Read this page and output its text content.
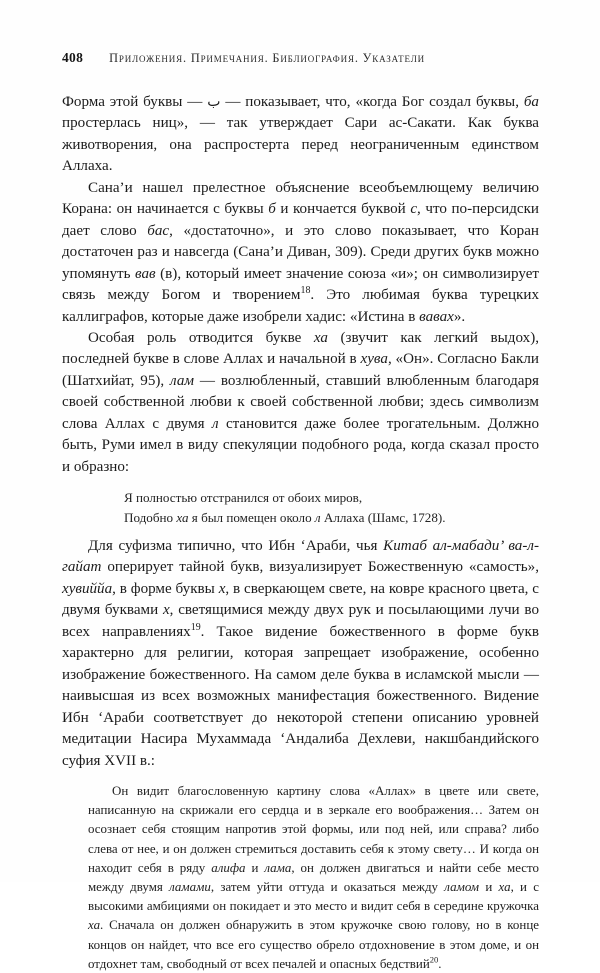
408 Приложения. Примечания. Библиография. Указатели

Форма этой буквы — ب — показывает, что, «когда Бог создал буквы, ба простерлась ниц», — так утверждает Сари ас-Сакати. Как буква животворения, она распростерта перед неограниченным единством Аллаха.

Сана’и нашел прелестное объяснение всеобъемлющему величию Корана: он начинается с буквы б и кончается буквой с, что по-персидски дает слово бас, «достаточно», и это слово показывает, что Коран достаточен раз и навсегда (Сана’и Диван, 309). Среди других букв можно упомянуть вав (в), который имеет значение союза «и»; он символизирует связь между Богом и творением$^{18}$. Это любимая буква турецких каллиграфов, которые даже изобрели хадис: «Истина в вавах».

Особая роль отводится букве ха (звучит как легкий выдох), последней букве в слове Аллах и начальной в хува, «Он». Согласно Бакли (Шатхийат, 95), лам — возлюбленный, ставший влюбленным благодаря своей собственной любви к своей собственной любви; здесь символизм слова Аллах с двумя л становится даже более трогательным. Должно быть, Руми имел в виду спекуляции подобного рода, когда сказал просто и образно:

Я полностью отстранился от обоих миров,
Подобно ха я был помещен около л Аллаха (Шамс, 1728).

Для суфизма типично, что Ибн ‘Араби, чья Китаб ал-мабади’ ва-л-гайат оперирует тайной букв, визуализирует Божественную «самость», хувиййа, в форме буквы х, в сверкающем свете, на ковре красного цвета, с двумя буквами х, светящимися между двух рук и посылающими лучи во всех направлениях$^{19}$. Такое видение божественного в форме букв характерно для религии, которая запрещает изображение, особенно изображение божественного. На самом деле буква в исламской мысли — наивысшая из всех возможных манифестация божественного. Видение Ибн ‘Араби соответствует до некоторой степени описанию уровней медитации Насира Мухаммада ‘Андалиба Дехлеви, накшбандийского суфия XVII в.:

Он видит благословенную картину слова «Аллах» в цвете или свете, написанную на скрижали его сердца и в зеркале его воображения… Затем он осознает себя стоящим напротив этой формы, или под ней, или справа? либо слева от нее, и он должен стремиться доставить себя к этому свету… И когда он находит себя в ряду алифа и лама, он должен двигаться и найти себе место между двумя ламами, затем уйти оттуда и оказаться между ламом и ха, и с высокими амбициями он покидает и это место и видит себя в середине кружочка ха. Сначала он должен обнаружить в этом кружочке свою голову, но в конце концов он найдет, что все его существо обрело отдохновение в этом доме, и он отдохнет там, свободный от всех печалей и опасных бедствий$^{20}$.
